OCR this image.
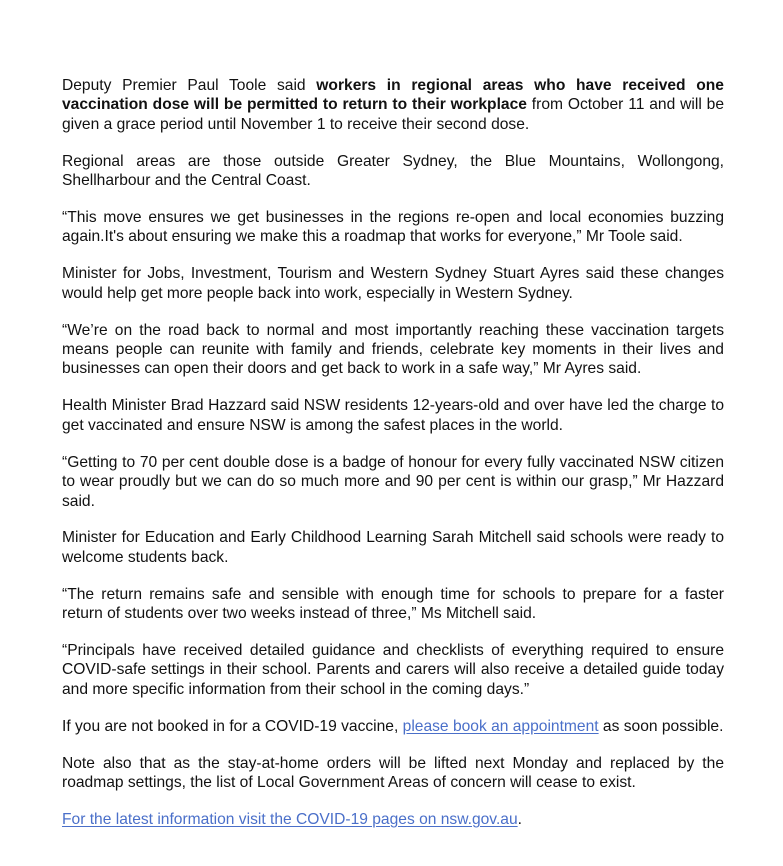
Deputy Premier Paul Toole said workers in regional areas who have received one vaccination dose will be permitted to return to their workplace from October 11 and will be given a grace period until November 1 to receive their second dose.

Regional areas are those outside Greater Sydney, the Blue Mountains, Wollongong, Shellharbour and the Central Coast.

“This move ensures we get businesses in the regions re-open and local economies buzzing again.It's about ensuring we make this a roadmap that works for everyone,” Mr Toole said.

Minister for Jobs, Investment, Tourism and Western Sydney Stuart Ayres said these changes would help get more people back into work, especially in Western Sydney.

“We’re on the road back to normal and most importantly reaching these vaccination targets means people can reunite with family and friends, celebrate key moments in their lives and businesses can open their doors and get back to work in a safe way,” Mr Ayres said.

Health Minister Brad Hazzard said NSW residents 12-years-old and over have led the charge to get vaccinated and ensure NSW is among the safest places in the world.

“Getting to 70 per cent double dose is a badge of honour for every fully vaccinated NSW citizen to wear proudly but we can do so much more and 90 per cent is within our grasp,” Mr Hazzard said.

Minister for Education and Early Childhood Learning Sarah Mitchell said schools were ready to welcome students back.

“The return remains safe and sensible with enough time for schools to prepare for a faster return of students over two weeks instead of three,” Ms Mitchell said.

“Principals have received detailed guidance and checklists of everything required to ensure COVID-safe settings in their school. Parents and carers will also receive a detailed guide today and more specific information from their school in the coming days.”

If you are not booked in for a COVID-19 vaccine, please book an appointment as soon possible.

Note also that as the stay-at-home orders will be lifted next Monday and replaced by the roadmap settings, the list of Local Government Areas of concern will cease to exist.

For the latest information visit the COVID-19 pages on nsw.gov.au.
